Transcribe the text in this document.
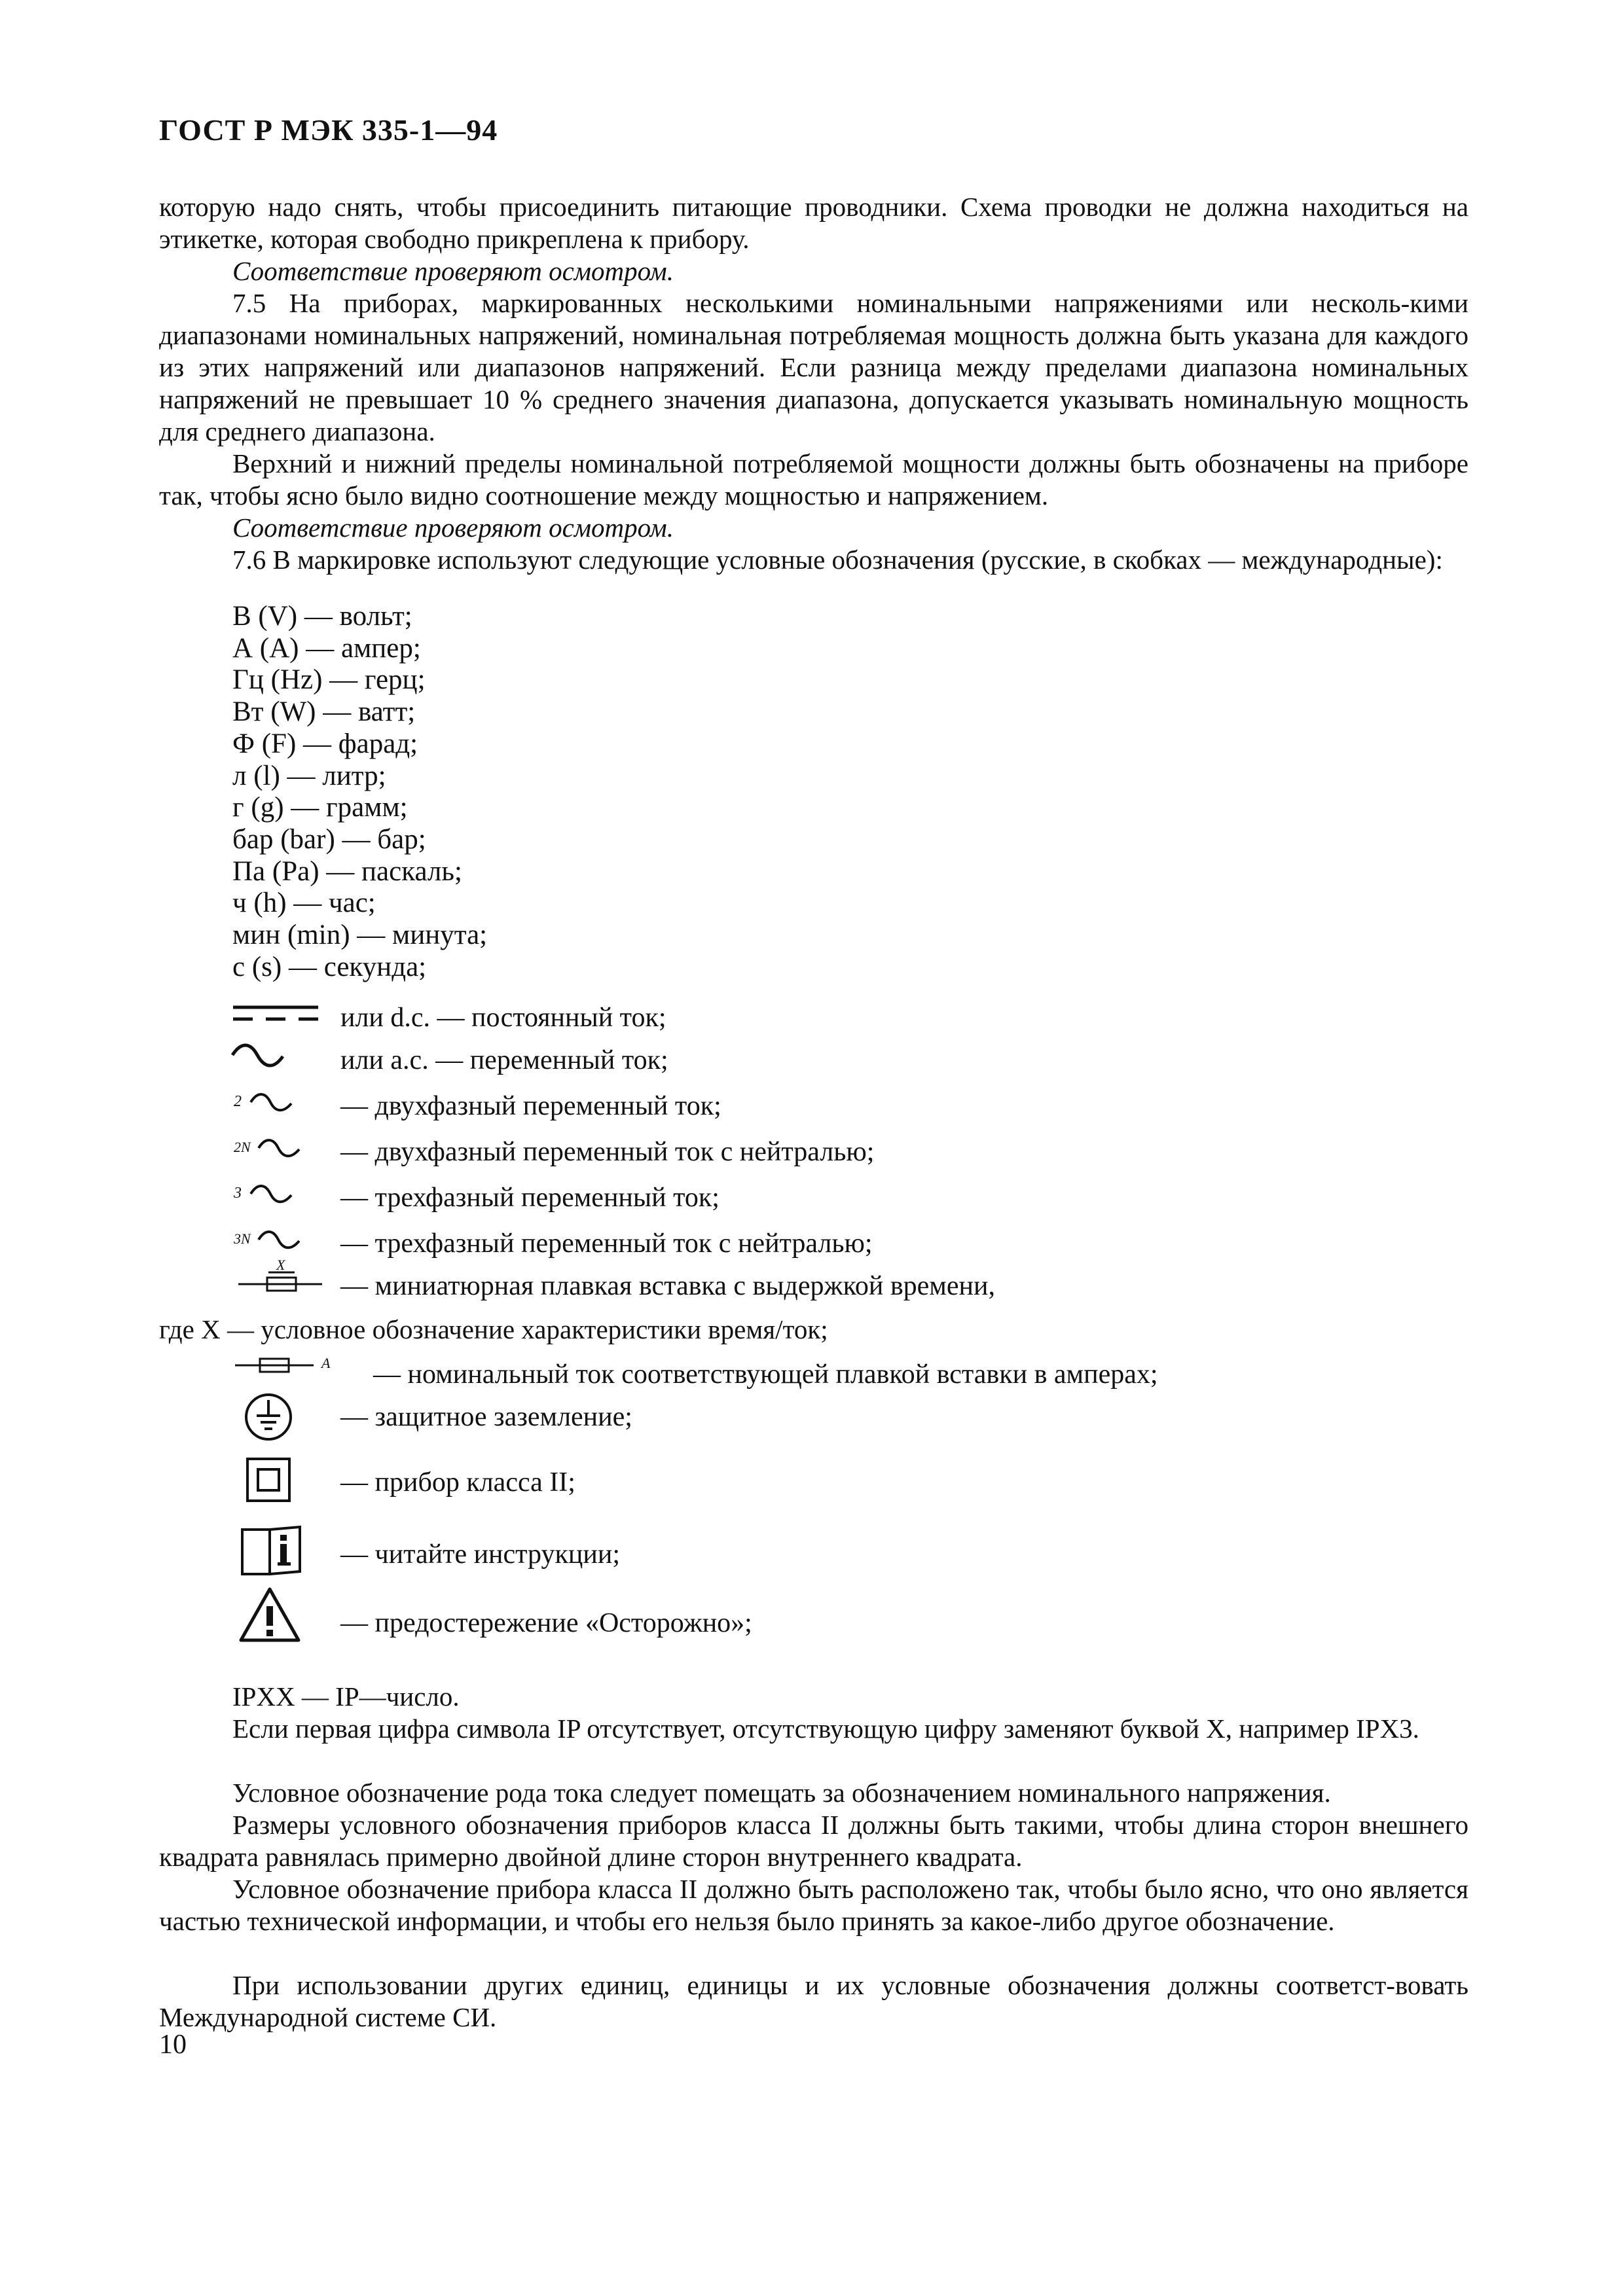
ГОСТ Р МЭК 335-1—94
которую надо снять, чтобы присоединить питающие проводники. Схема проводки не должна находиться на этикетке, которая свободно прикреплена к прибору.
Соответствие проверяют осмотром.
7.5 На приборах, маркированных несколькими номинальными напряжениями или несколь-кими диапазонами номинальных напряжений, номинальная потребляемая мощность должна быть указана для каждого из этих напряжений или диапазонов напряжений. Если разница между пределами диапазона номинальных напряжений не превышает 10 % среднего значения диапазона, допускается указывать номинальную мощность для среднего диапазона.
Верхний и нижний пределы номинальной потребляемой мощности должны быть обозначены на приборе так, чтобы ясно было видно соотношение между мощностью и напряжением.
Соответствие проверяют осмотром.
7.6 В маркировке используют следующие условные обозначения (русские, в скобках — международные):
В (V) — вольт;
А (А) — ампер;
Гц (Hz) — герц;
Вт (W) — ватт;
Ф (F) — фарад;
л (l) — литр;
г (g) — грамм;
бар (bar) — бар;
Па (Pa) — паскаль;
ч (h) — час;
мин (min) — минута;
с (s) — секунда;
или d.c. — постоянный ток;
или a.c. — переменный ток;
2	— двухфазный переменный ток;
2N	— двухфазный переменный ток с нейтралью;
3	— трехфазный переменный ток;
3N	— трехфазный переменный ток с нейтралью;
X
— миниатюрная плавкая вставка с выдержкой времени,
где Х — условное обозначение характеристики время/ток;
A — номинальный ток соответствующей плавкой вставки в амперах;
— защитное заземление;
— прибор класса II;
— читайте инструкции;
— предостережение «Осторожно»;
IPXX — IP—число.
Если первая цифра символа IP отсутствует, отсутствующую цифру заменяют буквой X, например IPX3.
Условное обозначение рода тока следует помещать за обозначением номинального напряжения.
Размеры условного обозначения приборов класса II должны быть такими, чтобы длина сторон внешнего квадрата равнялась примерно двойной длине сторон внутреннего квадрата.
Условное обозначение прибора класса II должно быть расположено так, чтобы было ясно, что оно является частью технической информации, и чтобы его нельзя было принять за какое-либо другое обозначение.
При использовании других единиц, единицы и их условные обозначения должны соответст-вовать Международной системе СИ.
10
